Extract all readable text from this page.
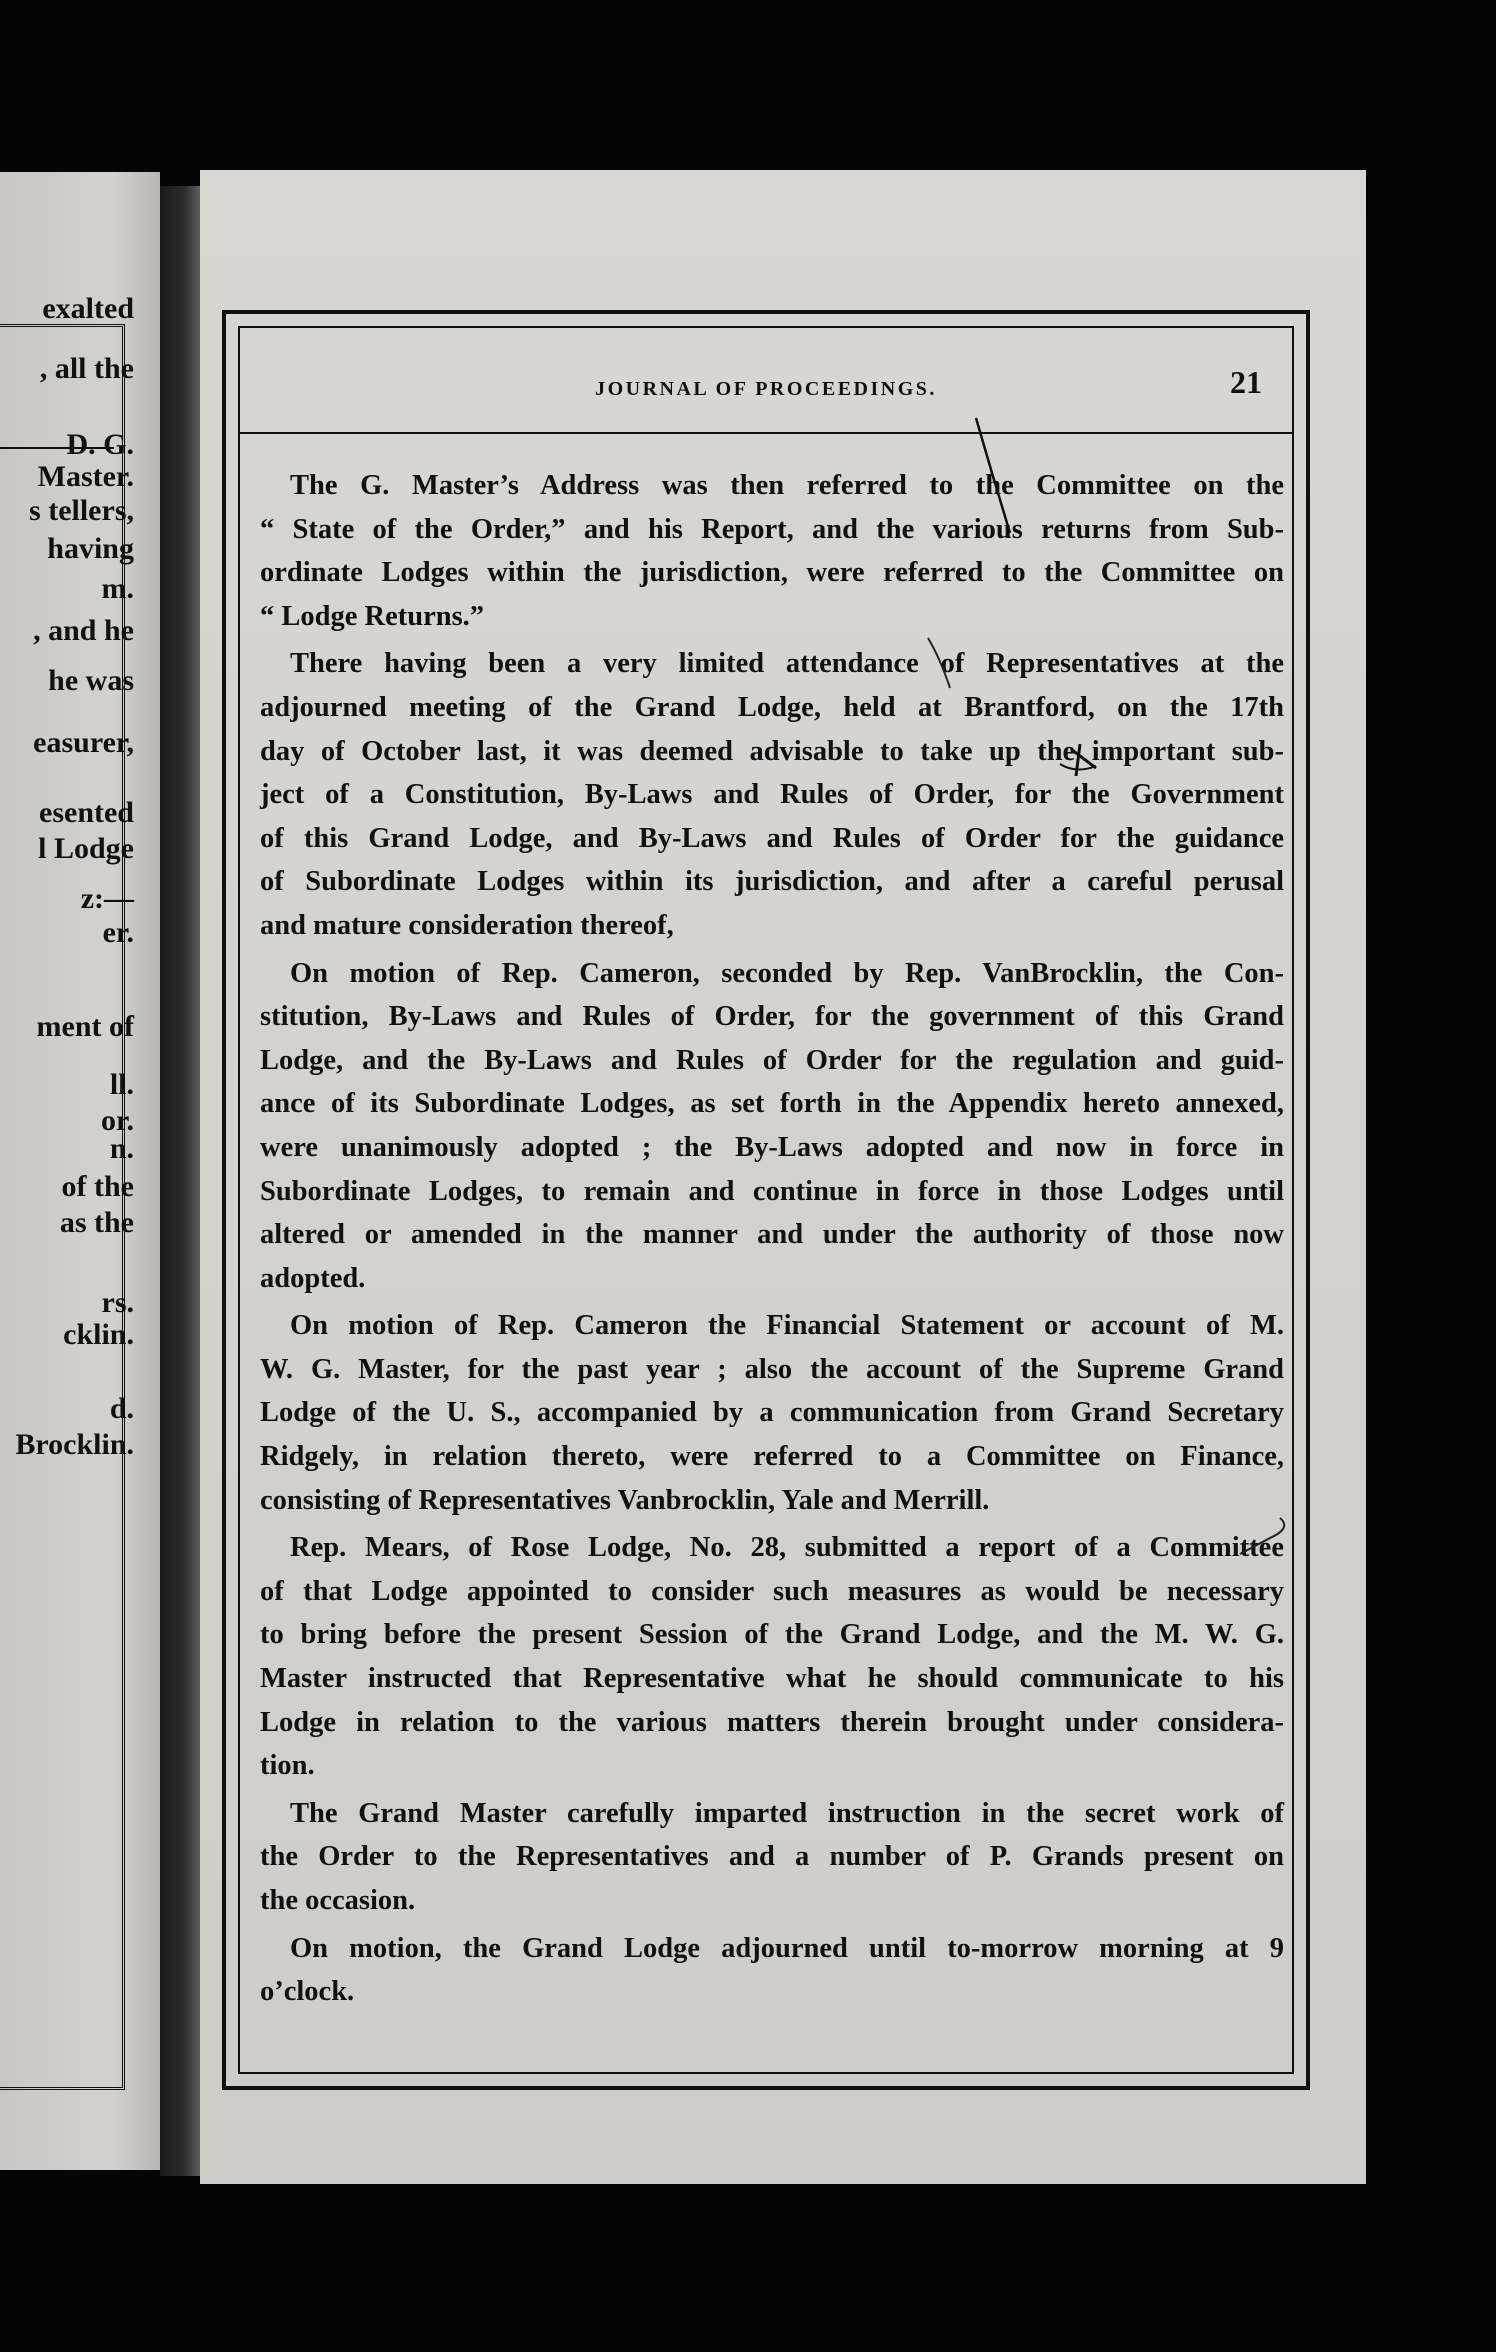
exalted
, all the
D. G.
Master.
s tellers,
having
m.
, and he
he was
easurer,
esented
l Lodge
z:—
er.
ment of
ll.
or.
n.
of the
as the
rs.
cklin.
d.
Brocklin.
JOURNAL OF PROCEEDINGS.	21
The G. Master’s Address was then referred to the Committee on the
“ State of the Order,” and his Report, and the various returns from Sub-
ordinate Lodges within the jurisdiction, were referred to the Committee on
“ Lodge Returns.”
There having been a very limited attendance of Representatives at the
adjourned meeting of the Grand Lodge, held at Brantford, on the 17th
day of October last, it was deemed advisable to take up the important sub-
ject of a Constitution, By-Laws and Rules of Order, for the Government
of this Grand Lodge, and By-Laws and Rules of Order for the guidance
of Subordinate Lodges within its jurisdiction, and after a careful perusal
and mature consideration thereof,
On motion of Rep. Cameron, seconded by Rep. VanBrocklin, the Con-
stitution, By-Laws and Rules of Order, for the government of this Grand
Lodge, and the By-Laws and Rules of Order for the regulation and guid-
ance of its Subordinate Lodges, as set forth in the Appendix hereto annexed,
were unanimously adopted ; the By-Laws adopted and now in force in
Subordinate Lodges, to remain and continue in force in those Lodges until
altered or amended in the manner and under the authority of those now
adopted.
On motion of Rep. Cameron the Financial Statement or account of M.
W. G. Master, for the past year ; also the account of the Supreme Grand
Lodge of the U. S., accompanied by a communication from Grand Secretary
Ridgely, in relation thereto, were referred to a Committee on Finance,
consisting of Representatives Vanbrocklin, Yale and Merrill.
Rep. Mears, of Rose Lodge, No. 28, submitted a report of a Committee
of that Lodge appointed to consider such measures as would be necessary
to bring before the present Session of the Grand Lodge, and the M. W. G.
Master instructed that Representative what he should communicate to his
Lodge in relation to the various matters therein brought under considera-
tion.
The Grand Master carefully imparted instruction in the secret work of
the Order to the Representatives and a number of P. Grands present on
the occasion.
On motion, the Grand Lodge adjourned until to-morrow morning at 9
o’clock.
